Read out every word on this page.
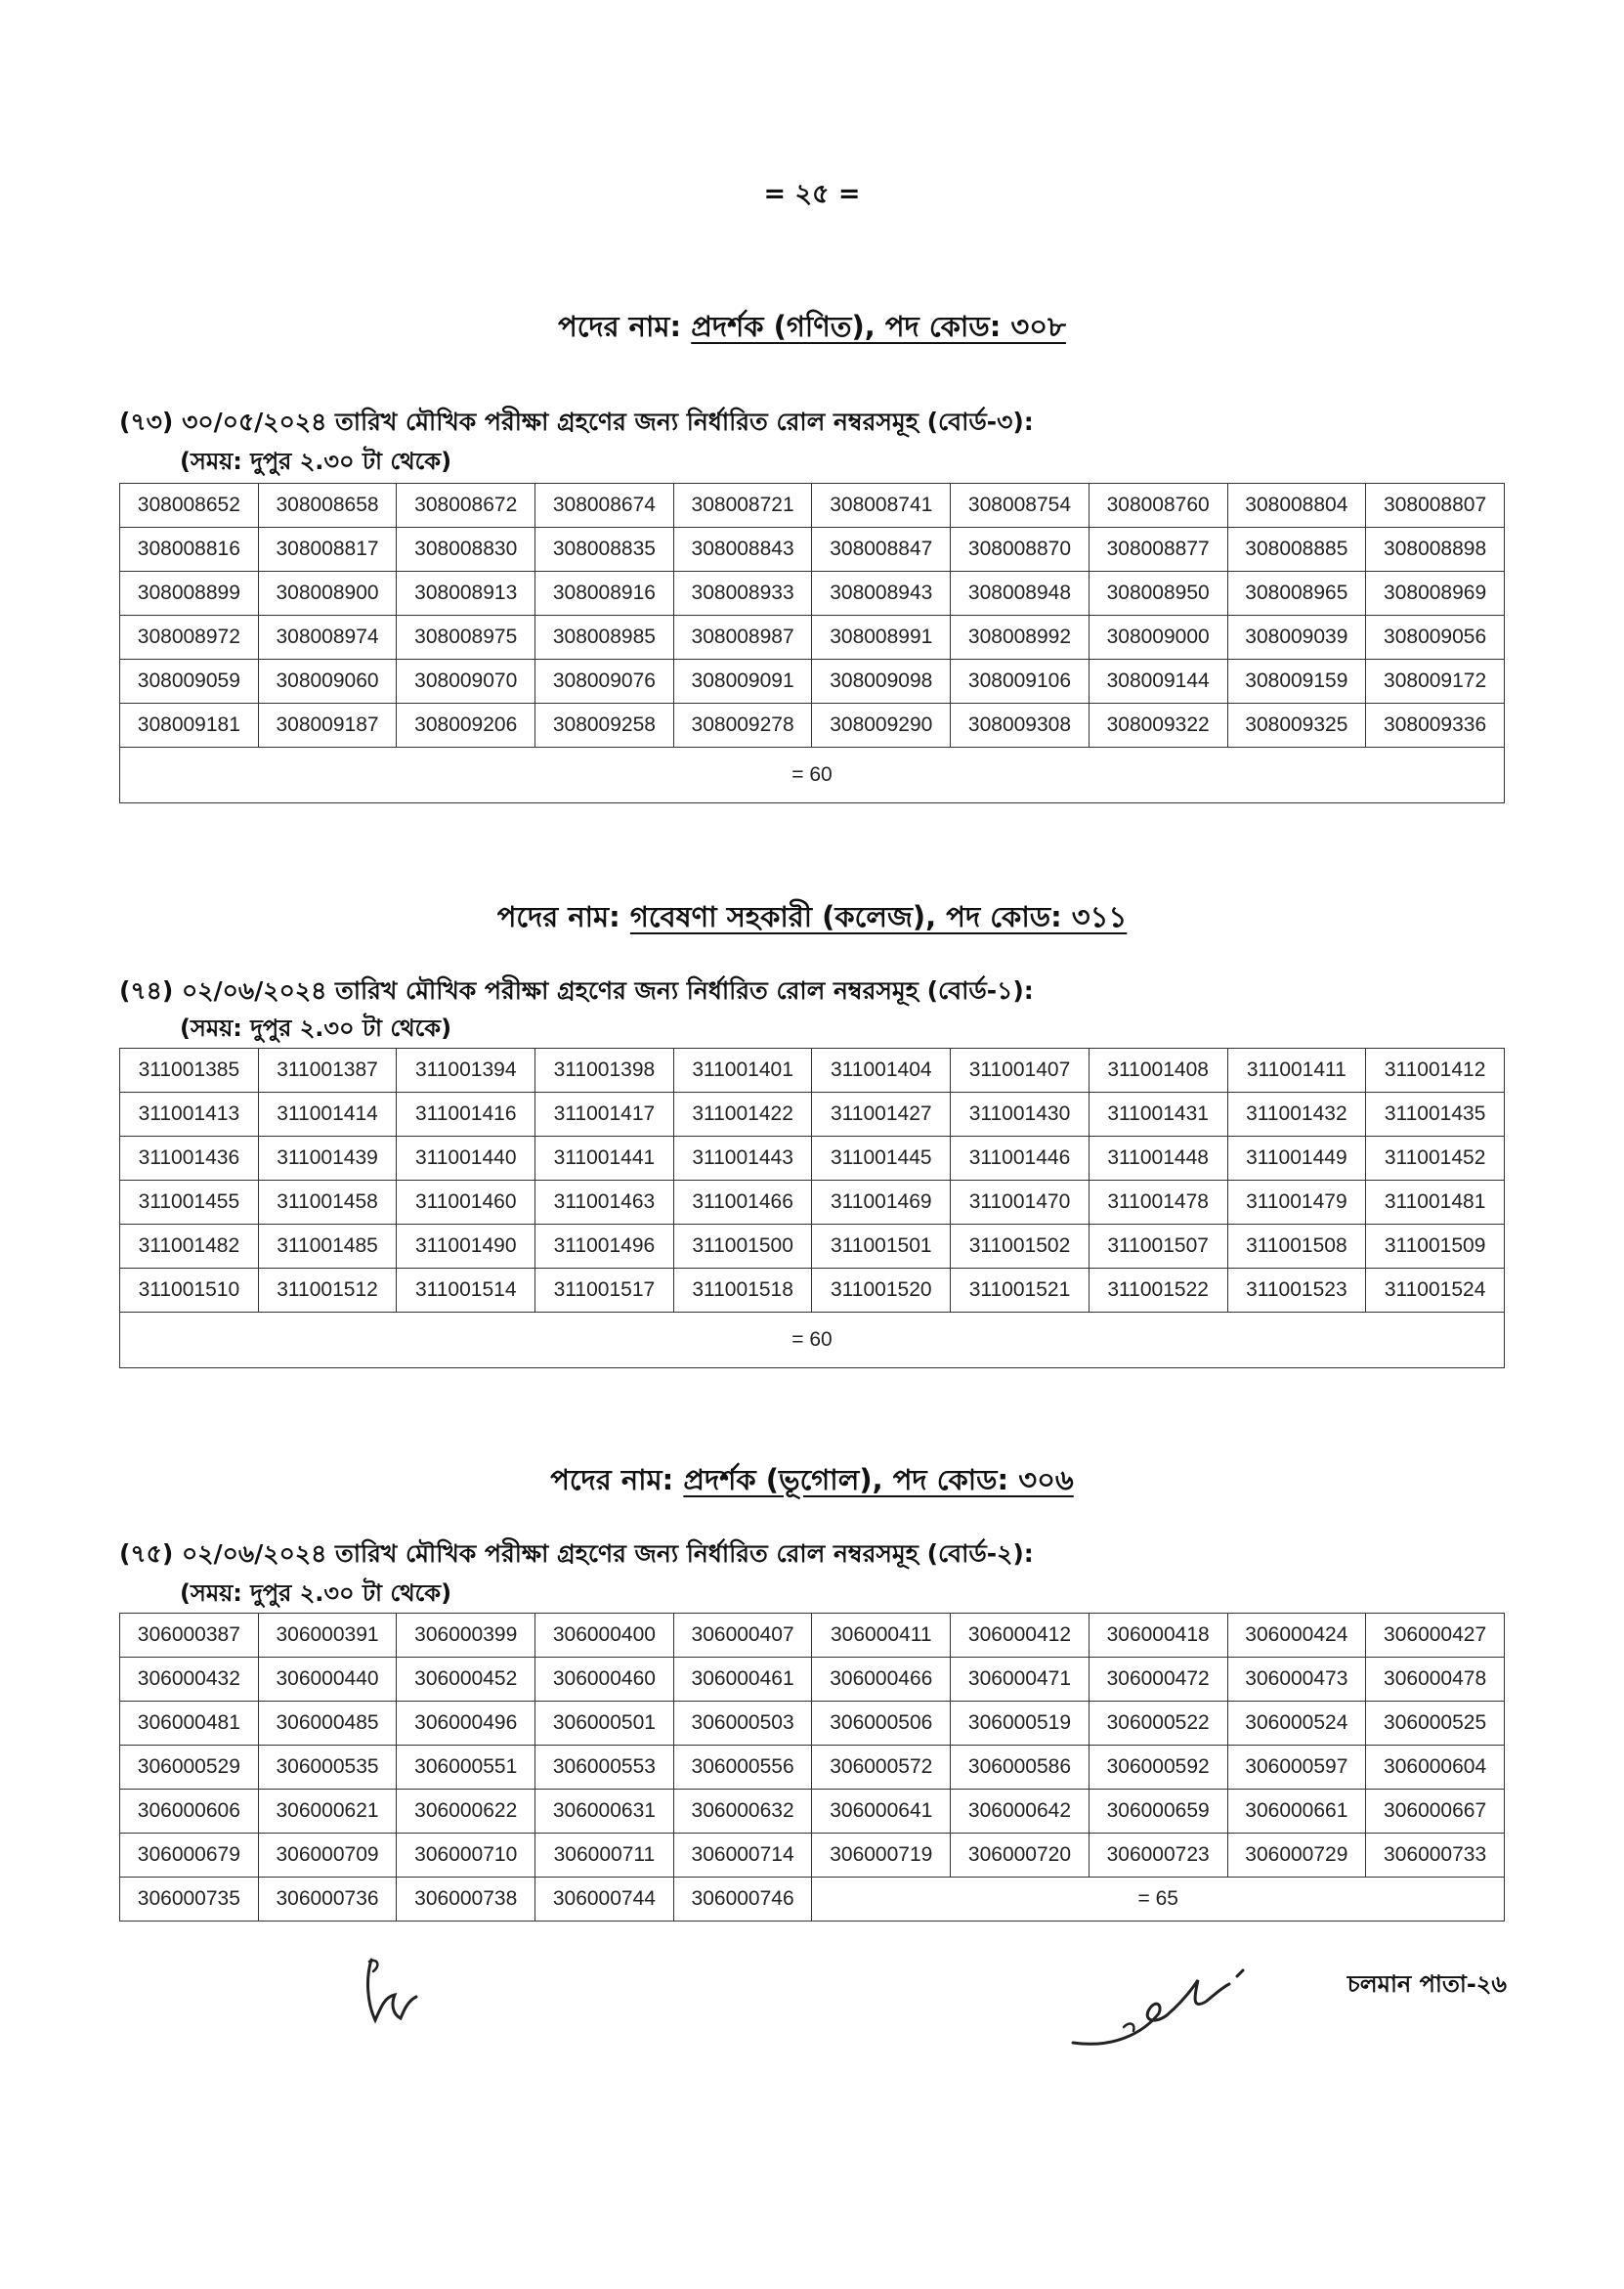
= ২৫ =
পদের নাম: প্রদর্শক (গণিত), পদ কোড: ৩০৮
(৭৩) ৩০/০৫/২০২৪ তারিখ মৌখিক পরীক্ষা গ্রহণের জন্য নির্ধারিত রোল নম্বরসমূহ (বোর্ড-৩):
(সময়: দুপুর ২.৩০ টা থেকে)
308008652	308008658	308008672	308008674	308008721	308008741	308008754	308008760	308008804	308008807
308008816	308008817	308008830	308008835	308008843	308008847	308008870	308008877	308008885	308008898
308008899	308008900	308008913	308008916	308008933	308008943	308008948	308008950	308008965	308008969
308008972	308008974	308008975	308008985	308008987	308008991	308008992	308009000	308009039	308009056
308009059	308009060	308009070	308009076	308009091	308009098	308009106	308009144	308009159	308009172
308009181	308009187	308009206	308009258	308009278	308009290	308009308	308009322	308009325	308009336
= 60									
পদের নাম: গবেষণা সহকারী (কলেজ), পদ কোড: ৩১১
(৭৪) ০২/০৬/২০২৪ তারিখ মৌখিক পরীক্ষা গ্রহণের জন্য নির্ধারিত রোল নম্বরসমূহ (বোর্ড-১):
(সময়: দুপুর ২.৩০ টা থেকে)
311001385	311001387	311001394	311001398	311001401	311001404	311001407	311001408	311001411	311001412
311001413	311001414	311001416	311001417	311001422	311001427	311001430	311001431	311001432	311001435
311001436	311001439	311001440	311001441	311001443	311001445	311001446	311001448	311001449	311001452
311001455	311001458	311001460	311001463	311001466	311001469	311001470	311001478	311001479	311001481
311001482	311001485	311001490	311001496	311001500	311001501	311001502	311001507	311001508	311001509
311001510	311001512	311001514	311001517	311001518	311001520	311001521	311001522	311001523	311001524
= 60									
পদের নাম: প্রদর্শক (ভূগোল), পদ কোড: ৩০৬
(৭৫) ০২/০৬/২০২৪ তারিখ মৌখিক পরীক্ষা গ্রহণের জন্য নির্ধারিত রোল নম্বরসমূহ (বোর্ড-২):
(সময়: দুপুর ২.৩০ টা থেকে)
306000387	306000391	306000399	306000400	306000407	306000411	306000412	306000418	306000424	306000427
306000432	306000440	306000452	306000460	306000461	306000466	306000471	306000472	306000473	306000478
306000481	306000485	306000496	306000501	306000503	306000506	306000519	306000522	306000524	306000525
306000529	306000535	306000551	306000553	306000556	306000572	306000586	306000592	306000597	306000604
306000606	306000621	306000622	306000631	306000632	306000641	306000642	306000659	306000661	306000667
306000679	306000709	306000710	306000711	306000714	306000719	306000720	306000723	306000729	306000733
306000735	306000736	306000738	306000744	306000746	= 65				
চলমান পাতা-২৬
